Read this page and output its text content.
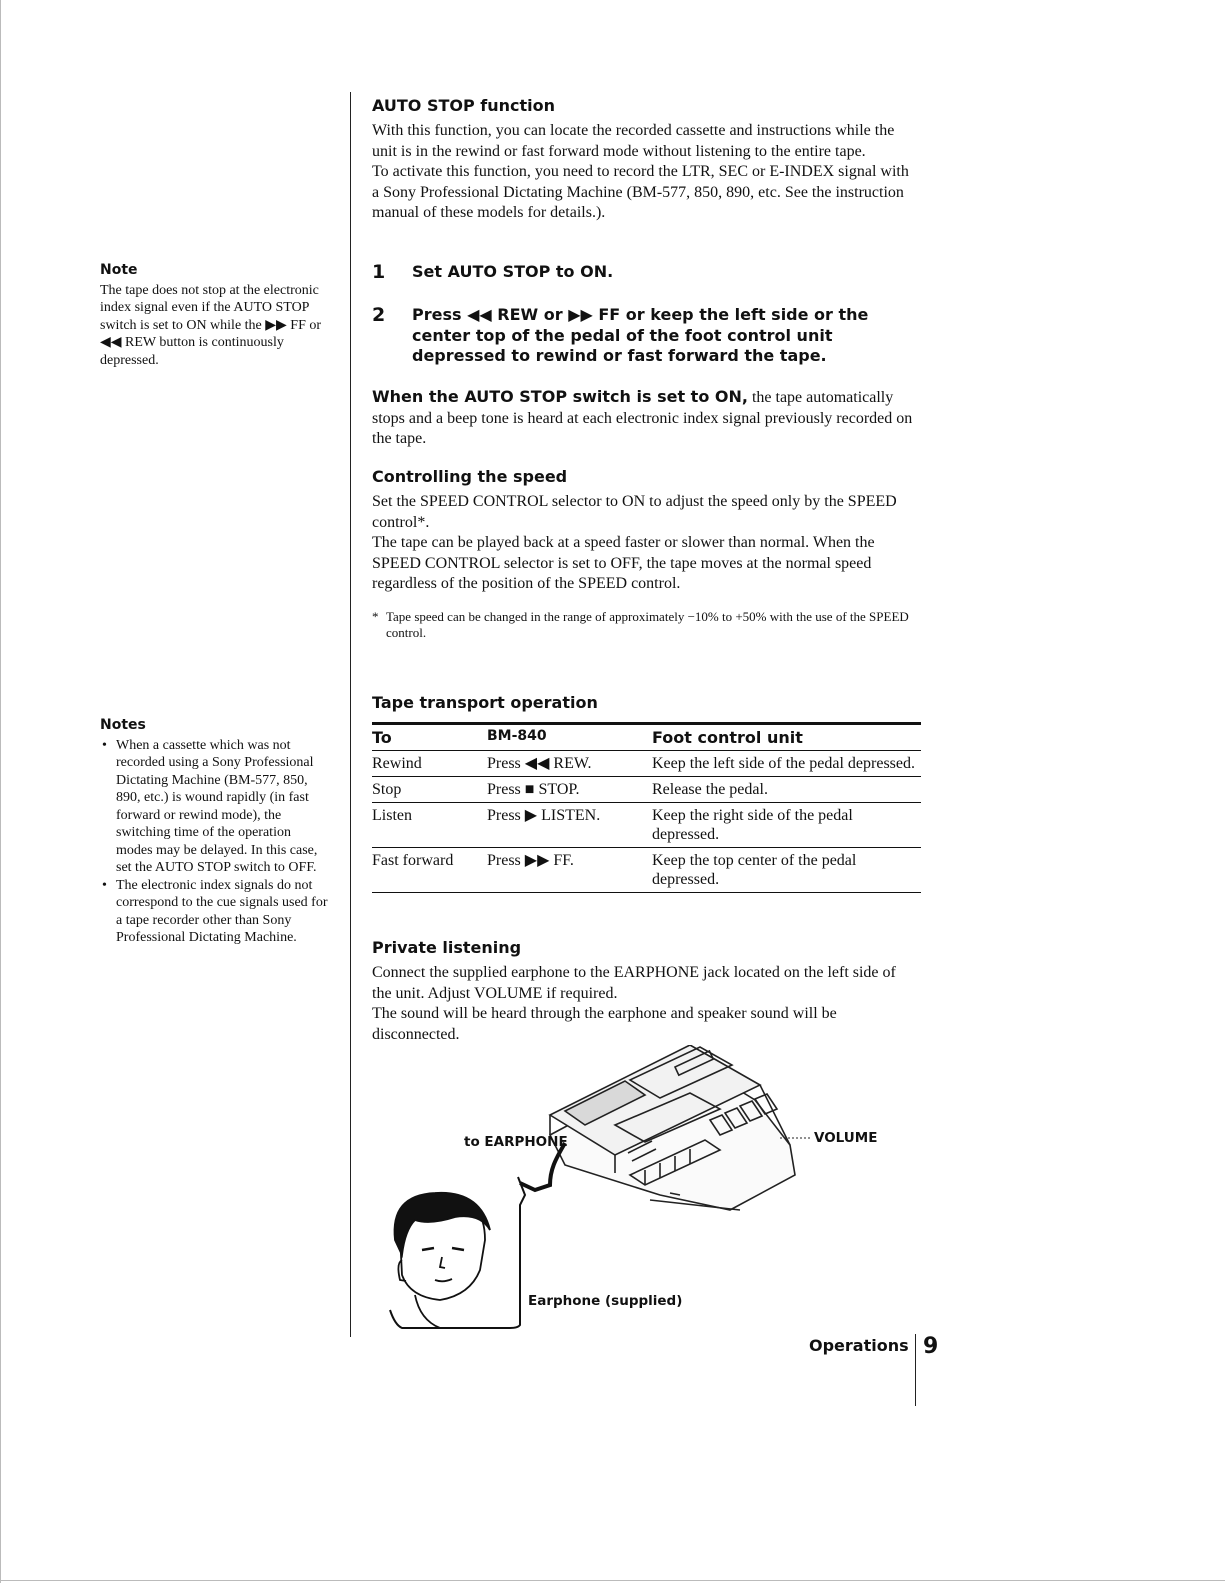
Note

The tape does not stop at the electronic index signal even if the AUTO STOP switch is set to ON while the ▶▶ FF or ◀◀ REW button is continuously depressed.

Notes
• When a cassette which was not recorded using a Sony Professional Dictating Machine (BM-577, 850, 890, etc.) is wound rapidly (in fast forward or rewind mode), the switching time of the operation modes may be delayed. In this case, set the AUTO STOP switch to OFF.
• The electronic index signals do not correspond to the cue signals used for a tape recorder other than Sony Professional Dictating Machine.
AUTO STOP function

With this function, you can locate the recorded cassette and instructions while the unit is in the rewind or fast forward mode without listening to the entire tape.

To activate this function, you need to record the LTR, SEC or E-INDEX signal with a Sony Professional Dictating Machine (BM-577, 850, 890, etc. See the instruction manual of these models for details.).

1 Set AUTO STOP to ON.
2 Press ◀◀ REW or ▶▶ FF or keep the left side or the center top of the pedal of the foot control unit depressed to rewind or fast forward the tape.

When the AUTO STOP switch is set to ON, the tape automatically stops and a beep tone is heard at each electronic index signal previously recorded on the tape.

Controlling the speed

Set the SPEED CONTROL selector to ON to adjust the speed only by the SPEED control*.

The tape can be played back at a speed faster or slower than normal. When the SPEED CONTROL selector is set to OFF, the tape moves at the normal speed regardless of the position of the SPEED control.

* Tape speed can be changed in the range of approximately −10% to +50% with the use of the SPEED control.
Tape transport operation
To	BM-840	Foot control unit
Rewind	Press ◀◀ REW.	Keep the left side of the pedal depressed.
Stop	Press ■ STOP.	Release the pedal.
Listen	Press ▶ LISTEN.	Keep the right side of the pedal depressed.
Fast forward	Press ▶▶ FF.	Keep the top center of the pedal depressed.
Private listening

Connect the supplied earphone to the EARPHONE jack located on the left side of the unit. Adjust VOLUME if required.

The sound will be heard through the earphone and speaker sound will be disconnected.

to EARPHONE	VOLUME
Earphone (supplied)
Operations 9
